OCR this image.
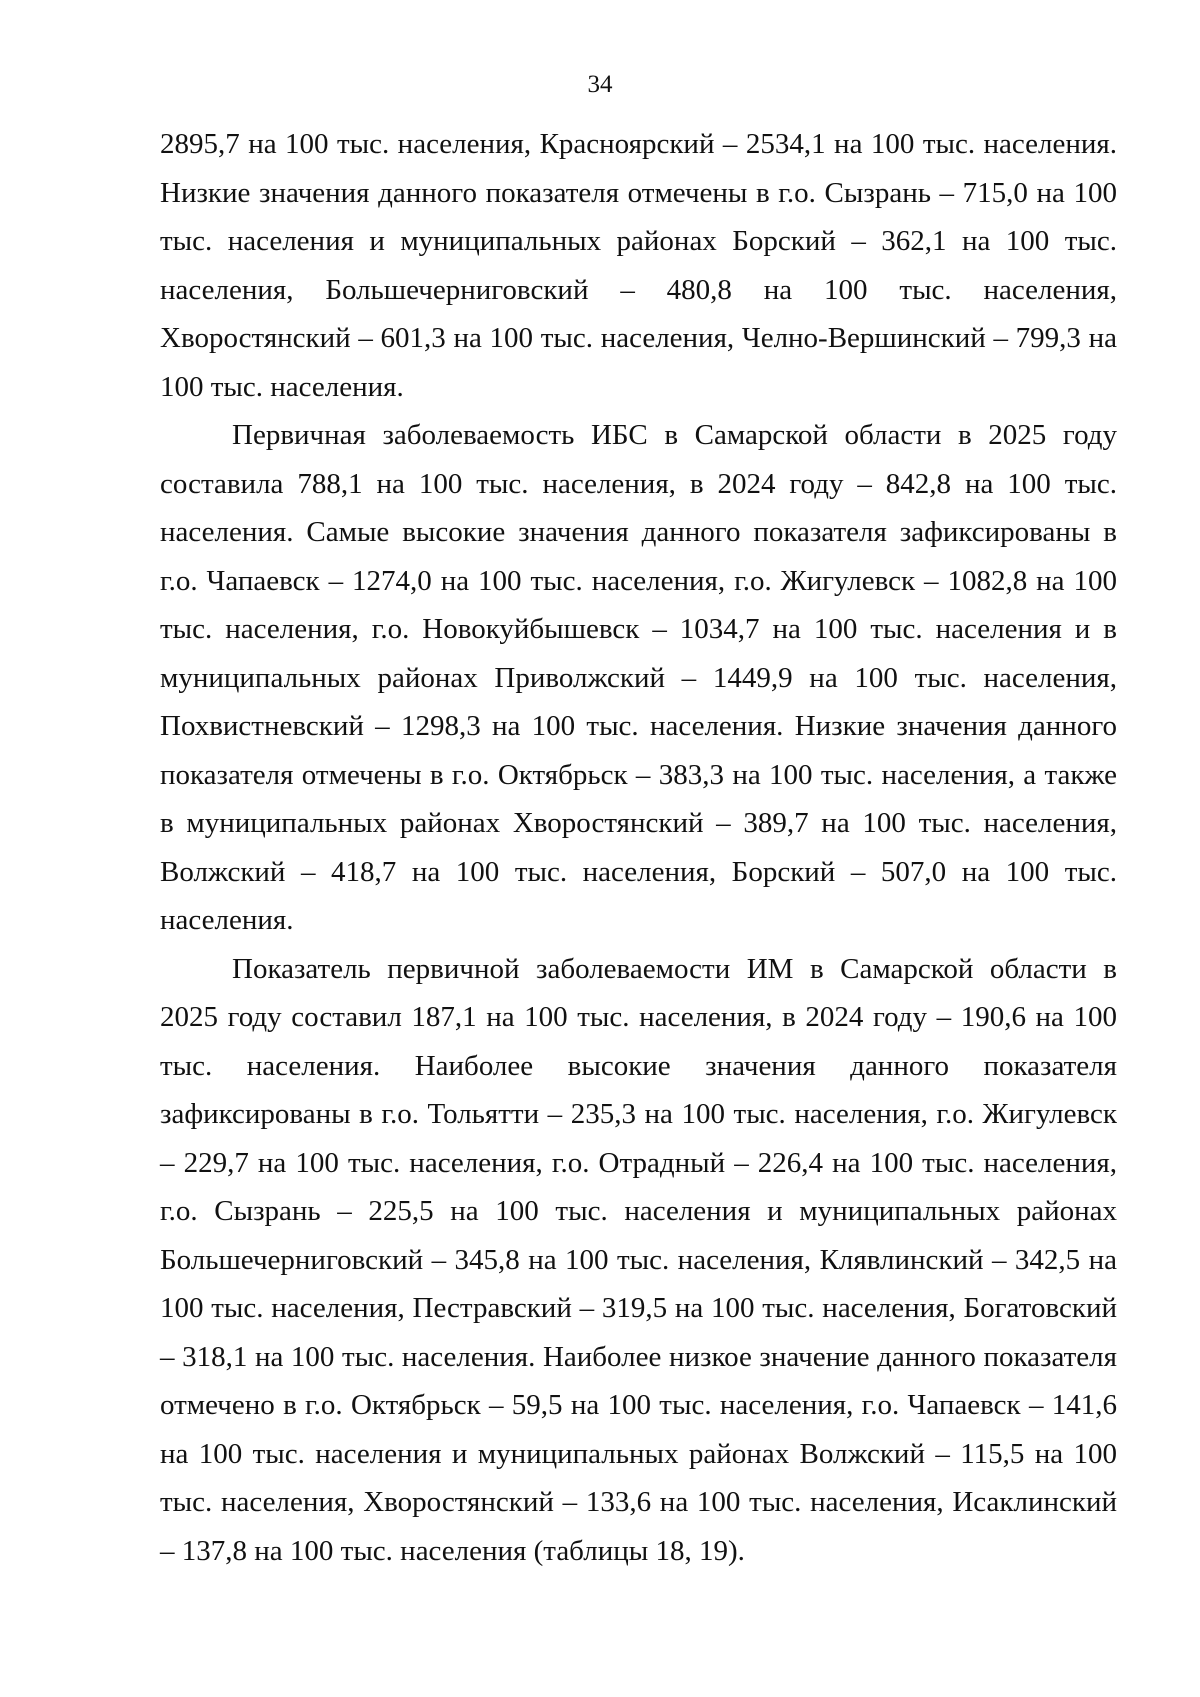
34

2895,7 на 100 тыс. населения, Красноярский – 2534,1 на 100 тыс. населения. Низкие значения данного показателя отмечены в г.о. Сызрань – 715,0 на 100 тыс. населения и муниципальных районах Борский – 362,1 на 100 тыс. населения, Большечерниговский – 480,8 на 100 тыс. населения, Хворостянский – 601,3 на 100 тыс. населения, Челно-Вершинский – 799,3 на 100 тыс. населения.

Первичная заболеваемость ИБС в Самарской области в 2025 году составила 788,1 на 100 тыс. населения, в 2024 году – 842,8 на 100 тыс. населения. Самые высокие значения данного показателя зафиксированы в г.о. Чапаевск – 1274,0 на 100 тыс. населения, г.о. Жигулевск – 1082,8 на 100 тыс. населения, г.о. Новокуйбышевск – 1034,7 на 100 тыс. населения и в муниципальных районах Приволжский – 1449,9 на 100 тыс. населения, Похвистневский – 1298,3 на 100 тыс. населения. Низкие значения данного показателя отмечены в г.о. Октябрьск – 383,3 на 100 тыс. населения, а также в муниципальных районах Хворостянский – 389,7 на 100 тыс. населения, Волжский – 418,7 на 100 тыс. населения, Борский – 507,0 на 100 тыс. населения.

Показатель первичной заболеваемости ИМ в Самарской области в 2025 году составил 187,1 на 100 тыс. населения, в 2024 году – 190,6 на 100 тыс. населения. Наиболее высокие значения данного показателя зафиксированы в г.о. Тольятти – 235,3 на 100 тыс. населения, г.о. Жигулевск – 229,7 на 100 тыс. населения, г.о. Отрадный – 226,4 на 100 тыс. населения, г.о. Сызрань – 225,5 на 100 тыс. населения и муниципальных районах Большечерниговский – 345,8 на 100 тыс. населения, Клявлинский – 342,5 на 100 тыс. населения, Пестравский – 319,5 на 100 тыс. населения, Богатовский – 318,1 на 100 тыс. населения. Наиболее низкое значение данного показателя отмечено в г.о. Октябрьск – 59,5 на 100 тыс. населения, г.о. Чапаевск – 141,6 на 100 тыс. населения и муниципальных районах Волжский – 115,5 на 100 тыс. населения, Хворостянский – 133,6 на 100 тыс. населения, Исаклинский – 137,8 на 100 тыс. населения (таблицы 18, 19).
